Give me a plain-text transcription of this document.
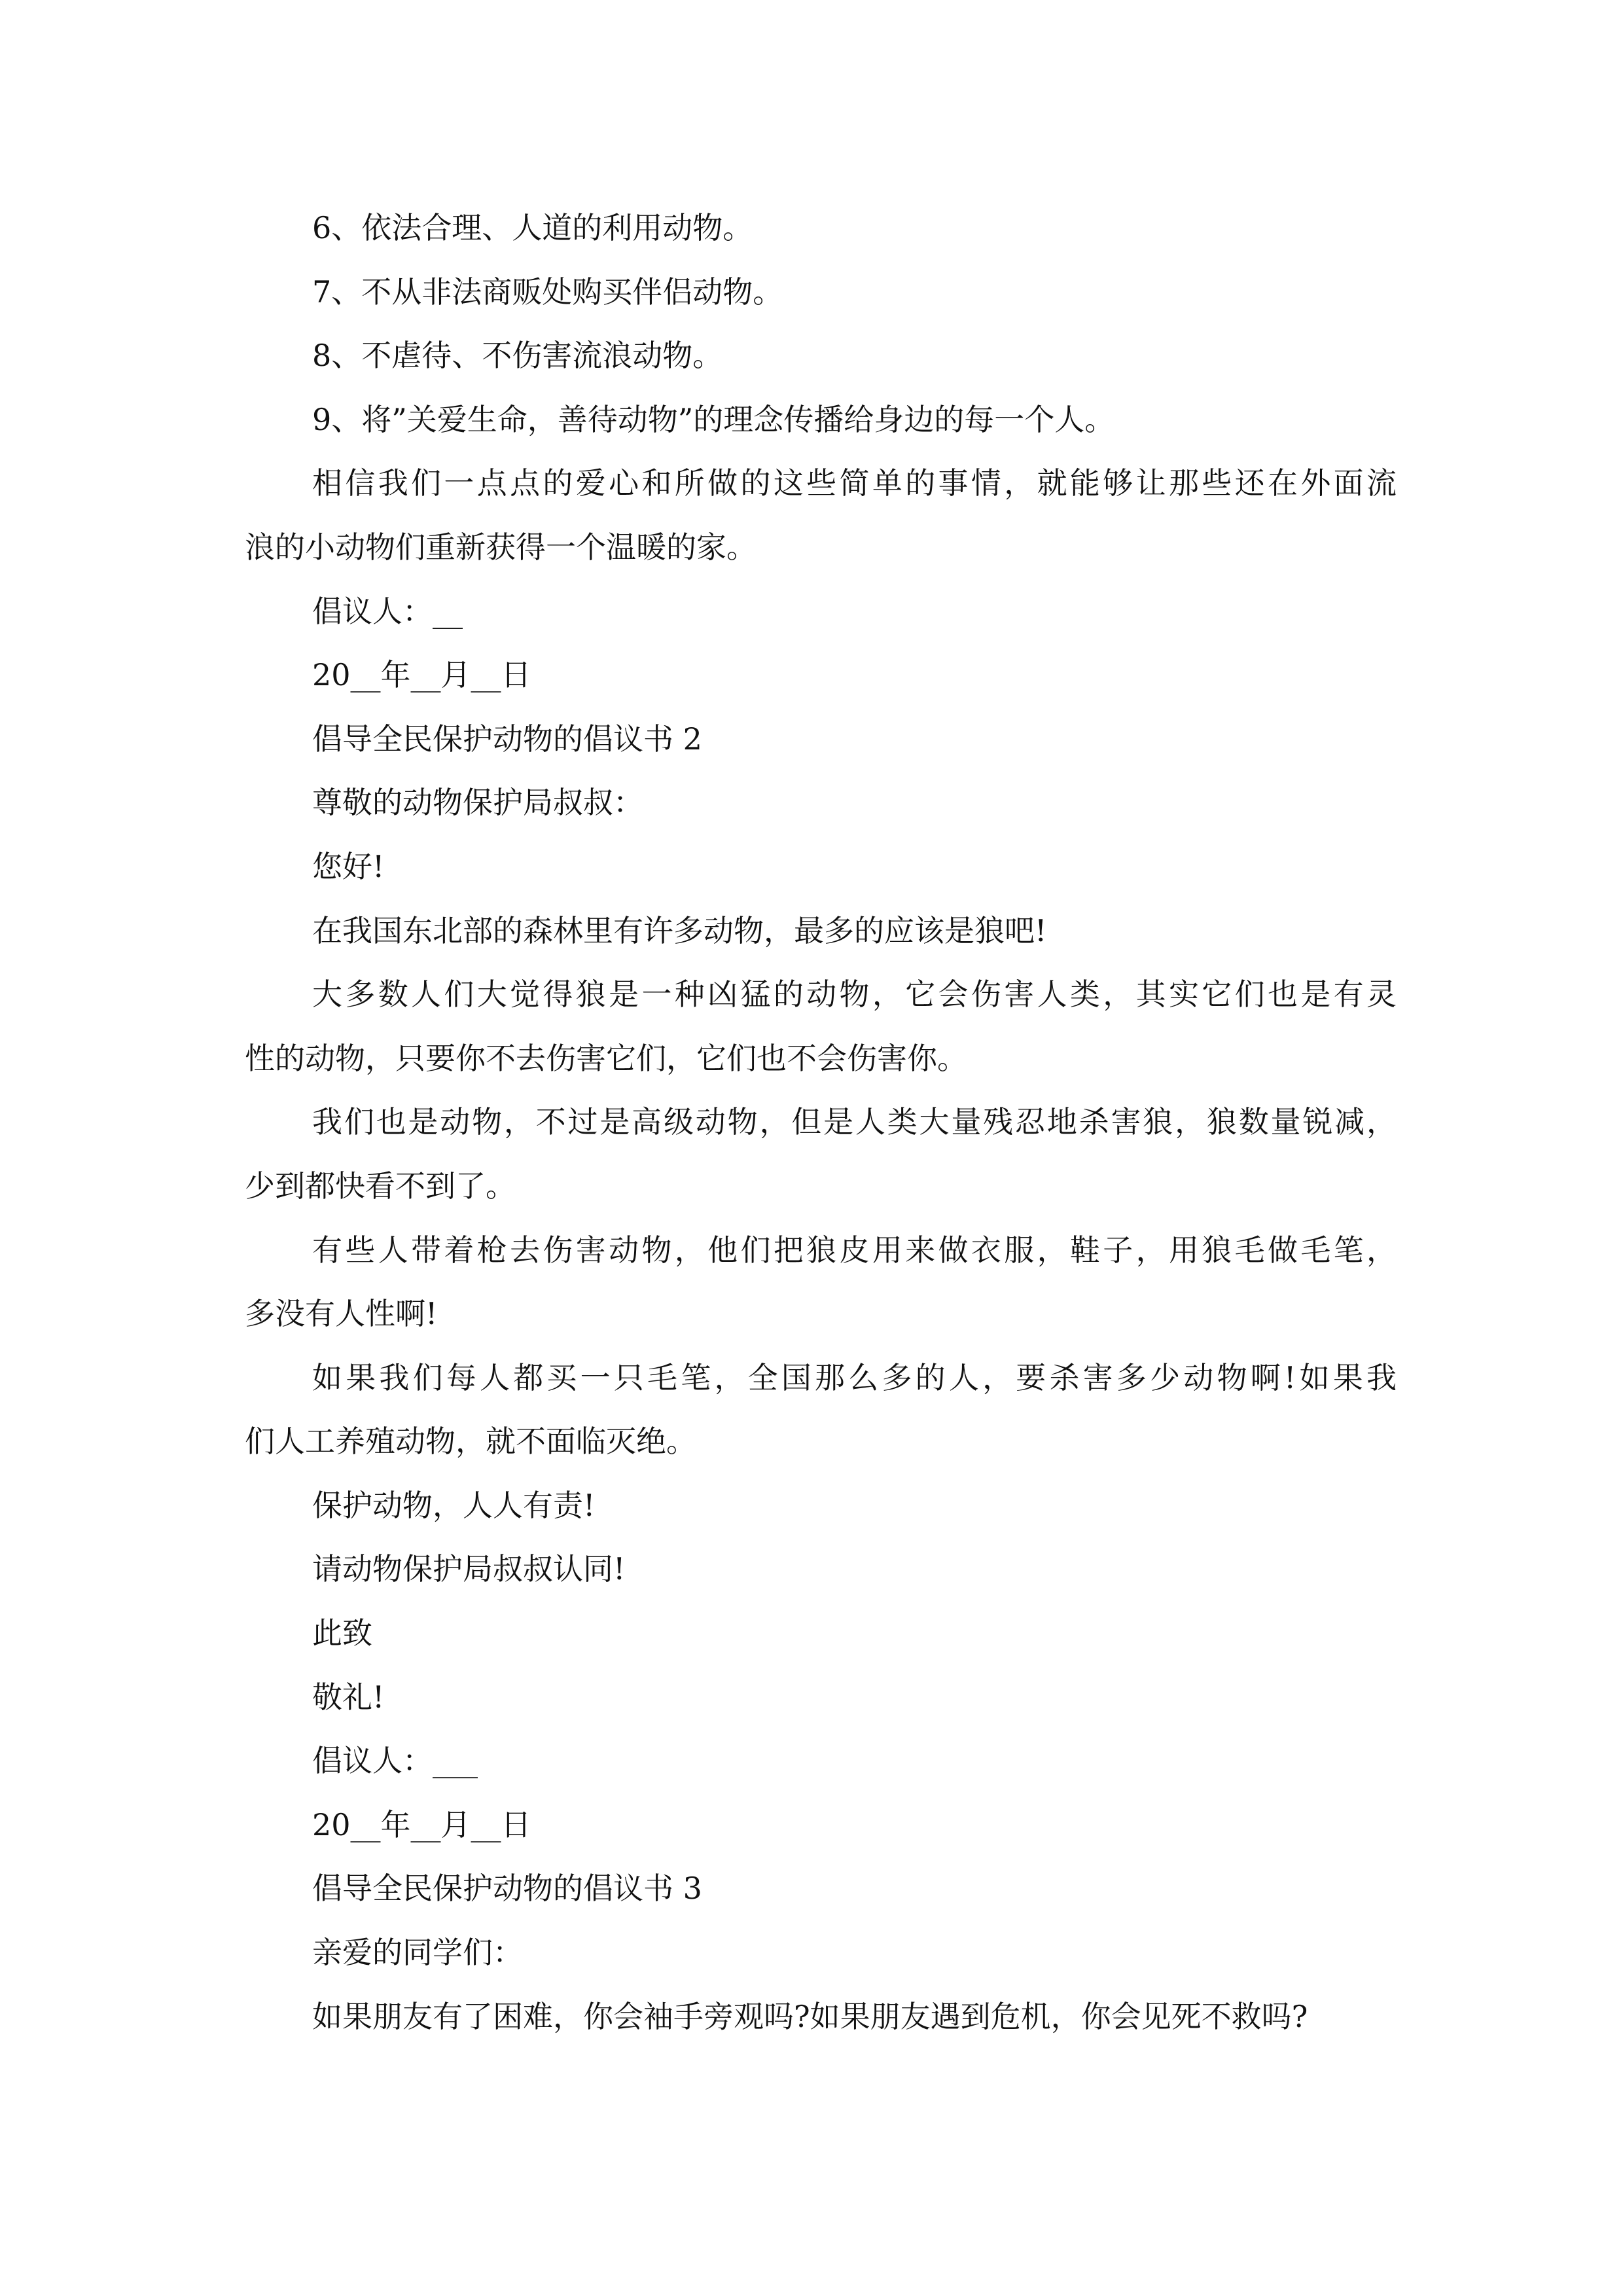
6、依法合理、人道的利用动物。
7、不从非法商贩处购买伴侣动物。
8、不虐待、不伤害流浪动物。
9、将”关爱生命，善待动物”的理念传播给身边的每一个人。
相信我们一点点的爱心和所做的这些简单的事情，就能够让那些还在外面流
浪的小动物们重新获得一个温暖的家。
倡议人：__
20__年__月__日
倡导全民保护动物的倡议书 2
尊敬的动物保护局叔叔：
您好!
在我国东北部的森林里有许多动物，最多的应该是狼吧!
大多数人们大觉得狼是一种凶猛的动物，它会伤害人类，其实它们也是有灵
性的动物，只要你不去伤害它们，它们也不会伤害你。
我们也是动物，不过是高级动物，但是人类大量残忍地杀害狼，狼数量锐减，
少到都快看不到了。
有些人带着枪去伤害动物，他们把狼皮用来做衣服，鞋子，用狼毛做毛笔，
多没有人性啊!
如果我们每人都买一只毛笔，全国那么多的人，要杀害多少动物啊!如果我
们人工养殖动物，就不面临灭绝。
保护动物，人人有责!
请动物保护局叔叔认同!
此致
敬礼!
倡议人：___
20__年__月__日
倡导全民保护动物的倡议书 3
亲爱的同学们：
如果朋友有了困难，你会袖手旁观吗?如果朋友遇到危机，你会见死不救吗?
